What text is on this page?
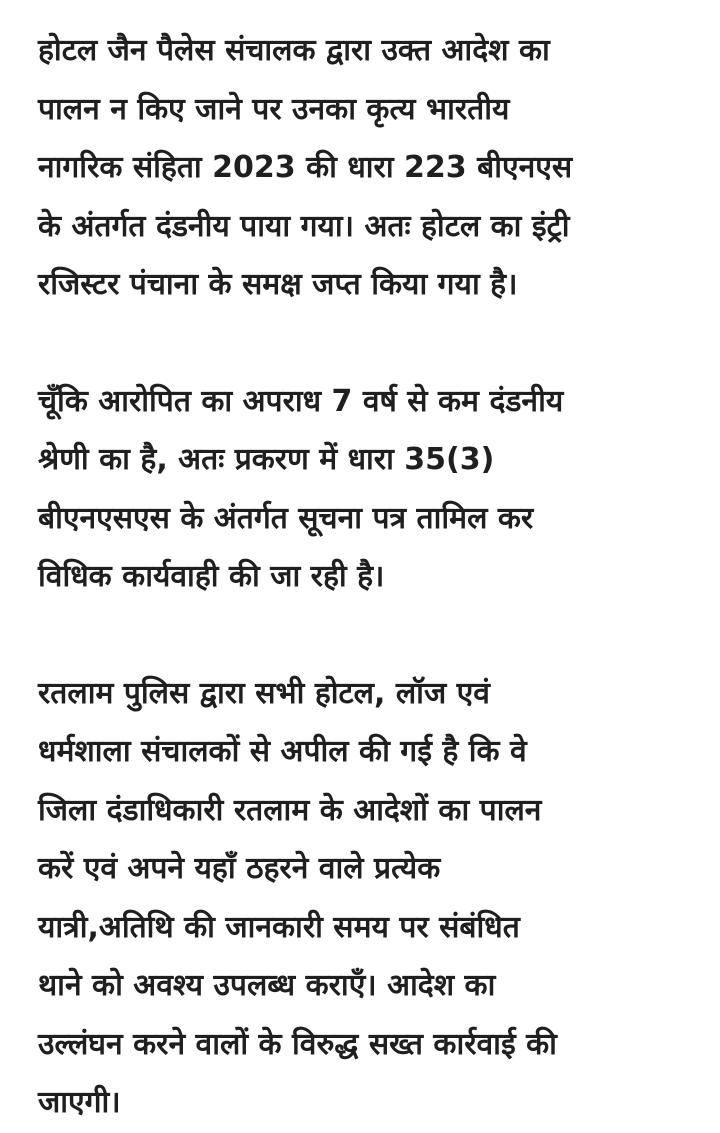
होटल जैन पैलेस संचालक द्वारा उक्त आदेश का
पालन न किए जाने पर उनका कृत्य भारतीय
नागरिक संहिता 2023 की धारा 223 बीएनएस
के अंतर्गत दंडनीय पाया गया। अतः होटल का इंट्री
रजिस्टर पंचाना के समक्ष जप्त किया गया है।

चूँकि आरोपित का अपराध 7 वर्ष से कम दंडनीय
श्रेणी का है, अतः प्रकरण में धारा 35(3)
बीएनएसएस के अंतर्गत सूचना पत्र तामिल कर
विधिक कार्यवाही की जा रही है।

रतलाम पुलिस द्वारा सभी होटल, लॉज एवं
धर्मशाला संचालकों से अपील की गई है कि वे
जिला दंडाधिकारी रतलाम के आदेशों का पालन
करें एवं अपने यहाँ ठहरने वाले प्रत्येक
यात्री,अतिथि की जानकारी समय पर संबंधित
थाने को अवश्य उपलब्ध कराएँ। आदेश का
उल्लंघन करने वालों के विरुद्ध सख्त कार्रवाई की
जाएगी।
